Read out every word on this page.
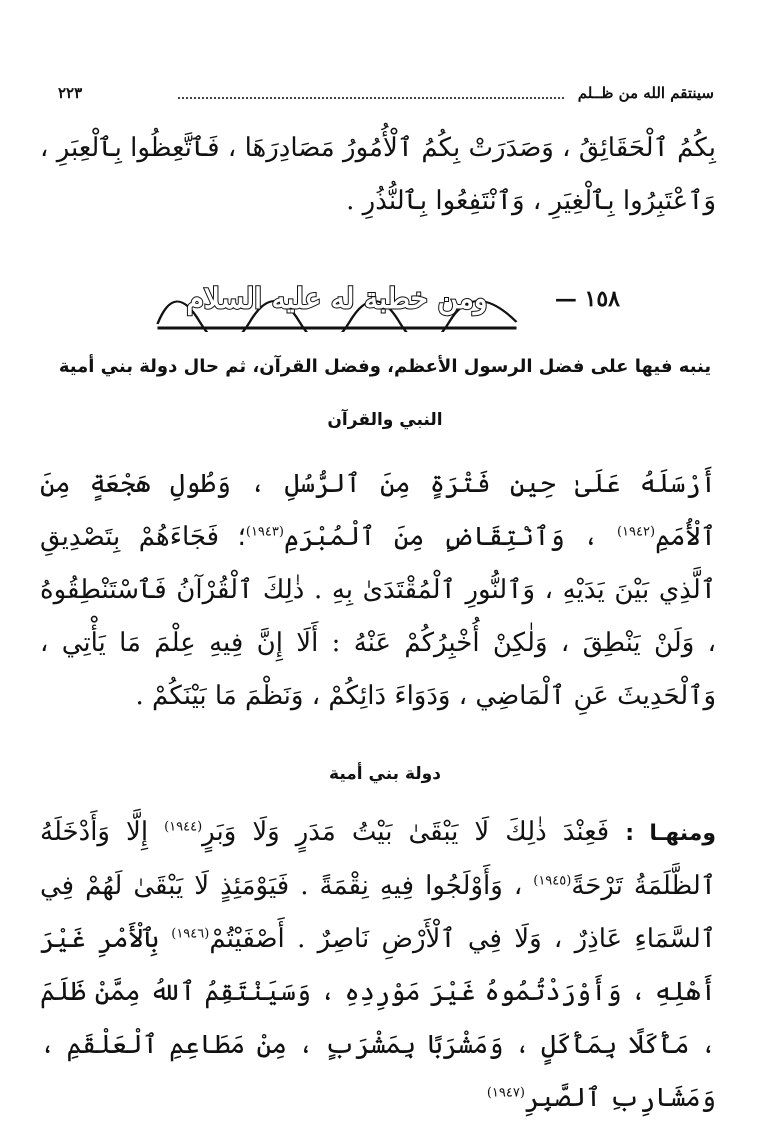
سينتقم الله من ظــلم
٢٢٣
بِكُمُ ٱلْحَقَائِقُ ، وَصَدَرَتْ بِكُمُ ٱلْأُمُورُ مَصَادِرَهَا ، فَٱتَّعِظُوا بِٱلْعِبَرِ ، وَٱعْتَبِرُوا بِٱلْغِيَرِ ، وَٱنْتَفِعُوا بِٱلنُّذُرِ .
١٥٨ —
ومن خطبة له عليه السلام
ينبه فيها على فضل الرسول الأعظم، وفضل القرآن، ثم حال دولة بني أمية
النبي والقرآن
أَرْسَلَهُ عَلَىٰ حِينِ فَتْرَةٍ مِنَ ٱلرُّسُلِ ، وَطُولِ هَجْعَةٍ مِنَ ٱلْأُمَمِ$^{(١٩٤٢)}$ ، وَٱنْتِقَاضٍ مِنَ ٱلْمُبْرَمِ$^{(١٩٤٣)}$؛ فَجَاءَهُمْ بِتَصْدِيقِ ٱلَّذِي بَيْنَ يَدَيْهِ ، وَٱلنُّورِ ٱلْمُقْتَدَىٰ بِهِ . ذٰلِكَ ٱلْقُرْآنُ فَٱسْتَنْطِقُوهُ ، وَلَنْ يَنْطِقَ ، وَلٰكِنْ أُخْبِرُكُمْ عَنْهُ : أَلَا إِنَّ فِيهِ عِلْمَ مَا يَأْتِي ، وَٱلْحَدِيثَ عَنِ ٱلْمَاضِي ، وَدَوَاءَ دَائِكُمْ ، وَنَظْمَ مَا بَيْنَكُمْ .
دولة بني أمية
ومنهـا : فَعِنْدَ ذٰلِكَ لَا يَبْقَىٰ بَيْتُ مَدَرٍ وَلَا وَبَرٍ$^{(١٩٤٤)}$ إِلَّا وَأَدْخَلَهُ ٱلظَّلَمَةُ تَرْحَةً$^{(١٩٤٥)}$ ، وَأَوْلَجُوا فِيهِ نِقْمَةً . فَيَوْمَئِذٍ لَا يَبْقَىٰ لَهُمْ فِي ٱلسَّمَاءِ عَاذِرٌ ، وَلَا فِي ٱلْأَرْضِ نَاصِرٌ . أَصْفَيْتُمْ$^{(١٩٤٦)}$ بِٱلْأَمْرِ غَيْرَ أَهْلِهِ ، وَأَوْرَدْتُمُوهُ غَيْرَ مَوْرِدِهِ ، وَسَيَنْتَقِمُ ٱللهُ مِمَّنْ ظَلَمَ ، مَأْكَلًا بِمَأْكَلٍ ، وَمَشْرَبًا بِمَشْرَبٍ ، مِنْ مَطَاعِمِ ٱلْعَلْقَمِ ، وَمَشَارِبِ ٱلصَّبِرِ$^{(١٩٤٧)}$
